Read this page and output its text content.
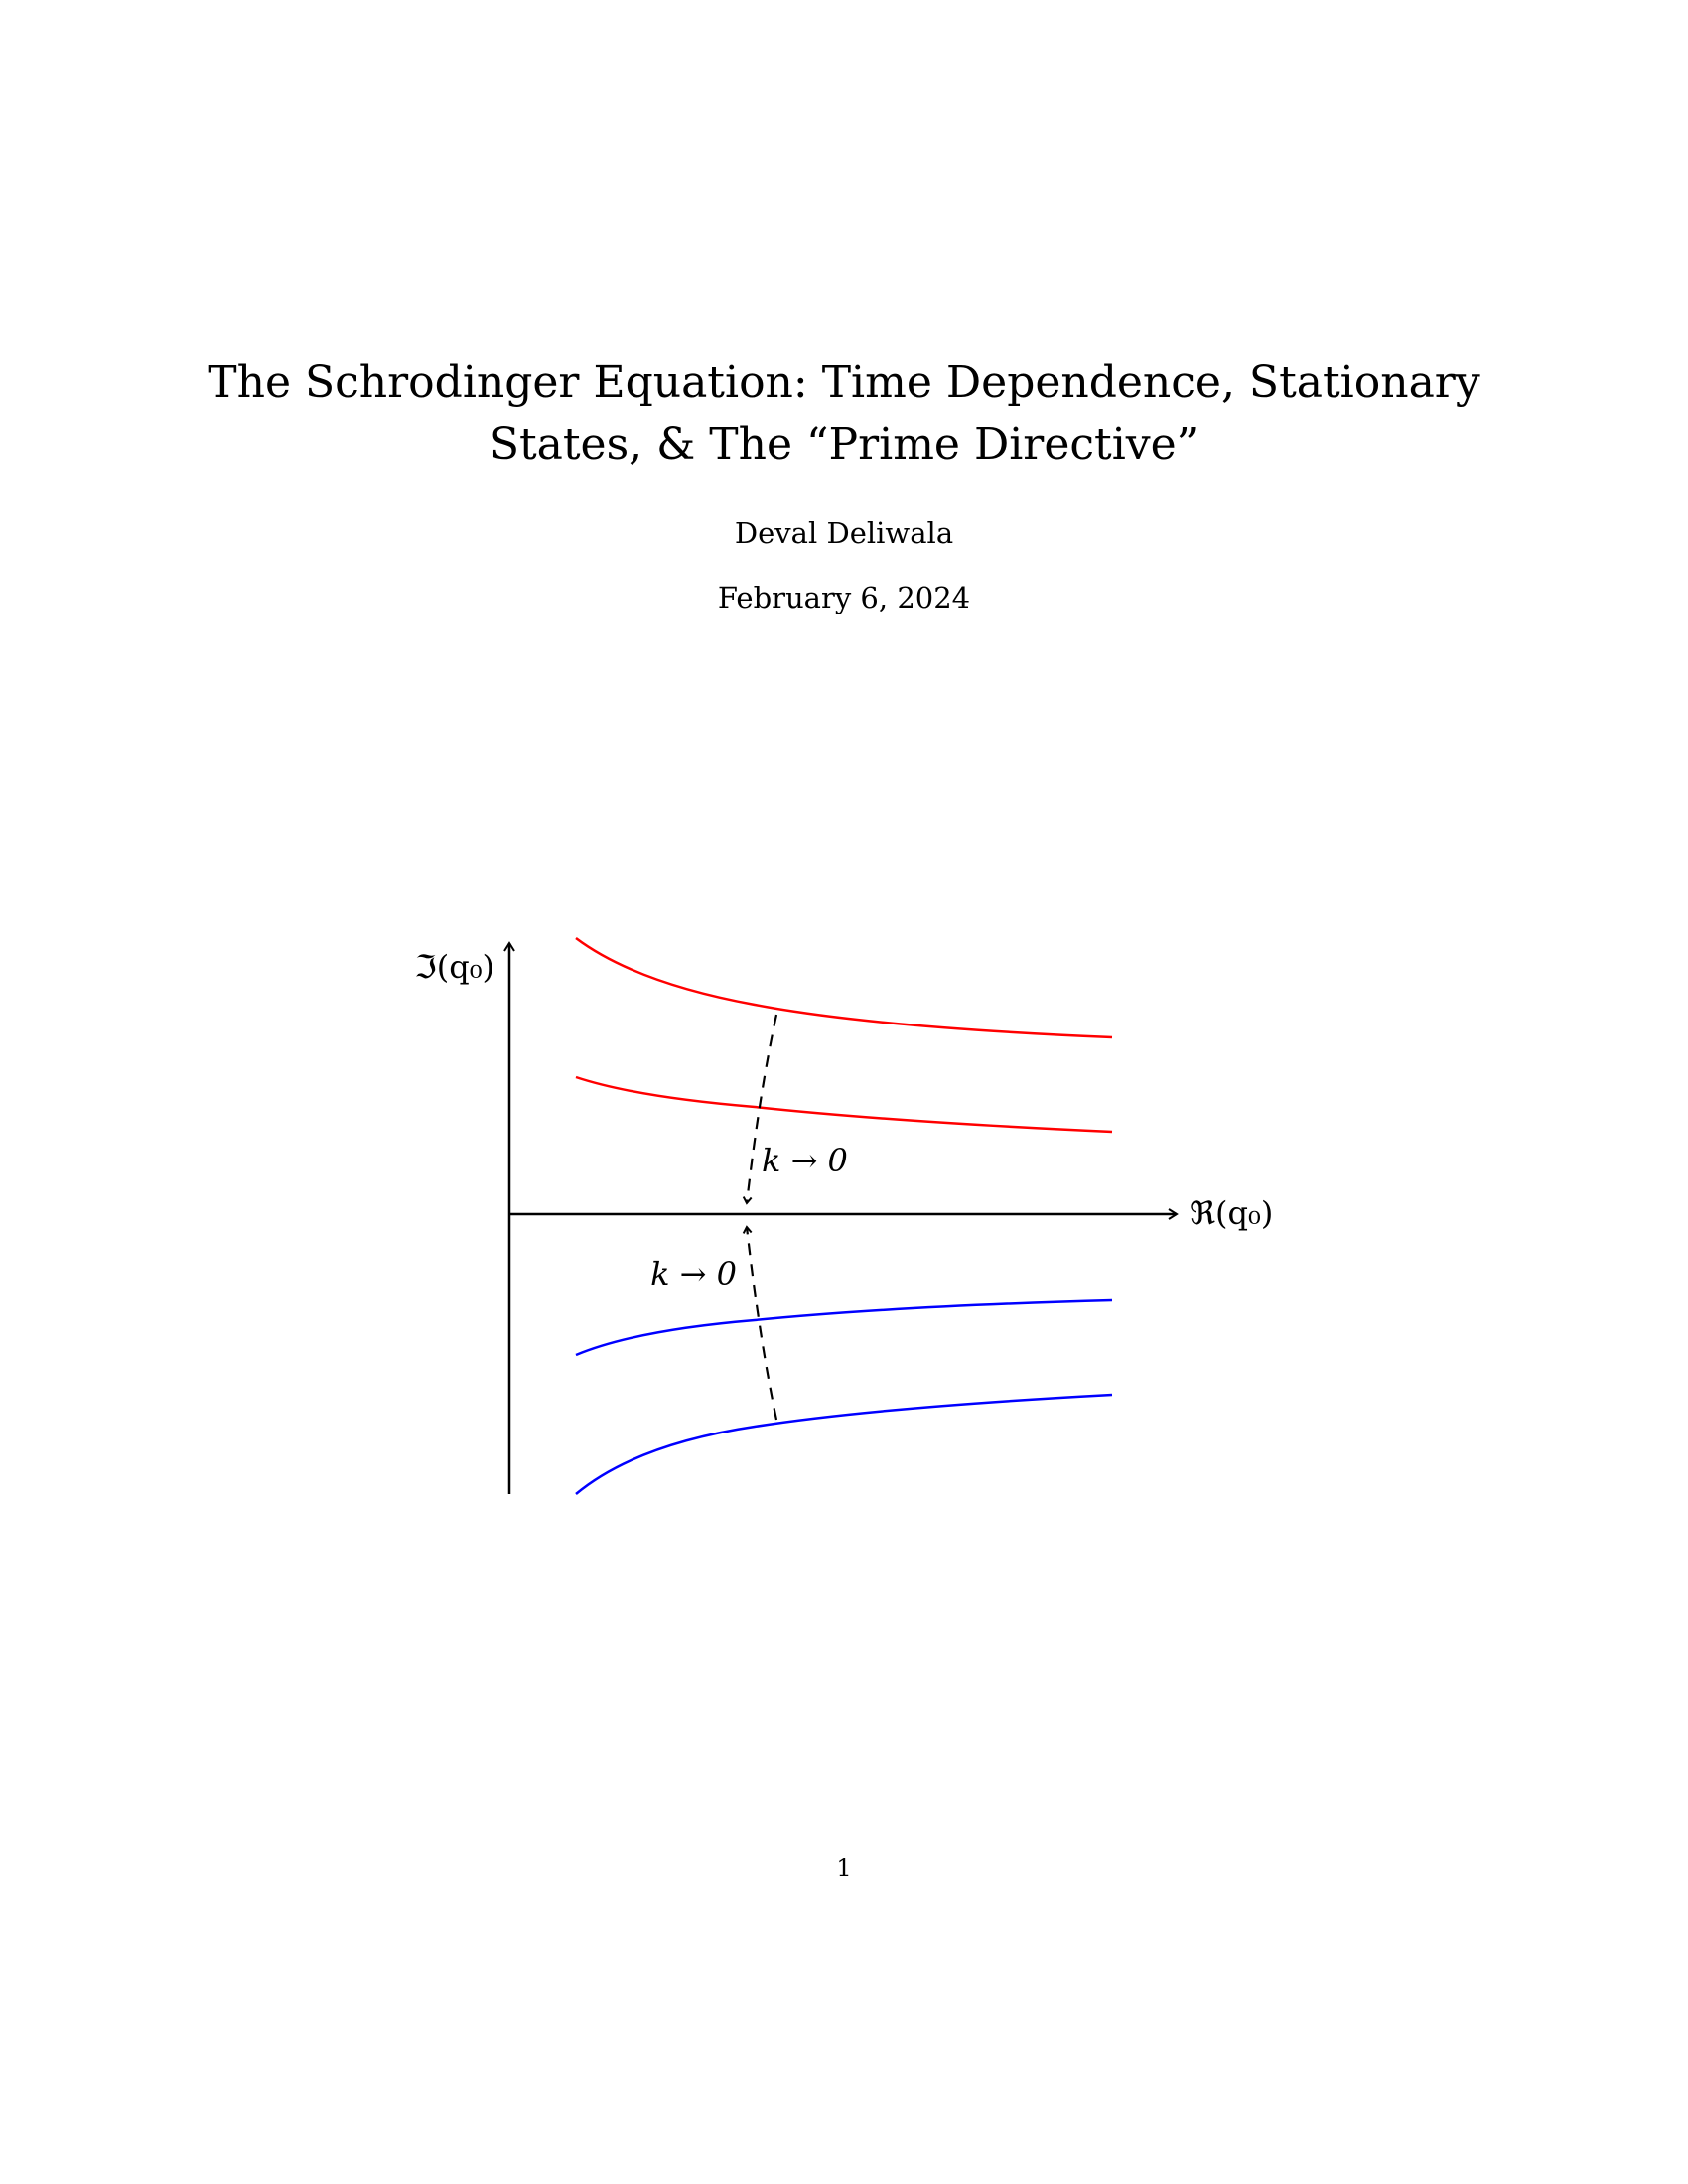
The Schrodinger Equation: Time Dependence, Stationary
States, & The “Prime Directive”
Deval Deliwala
February 6, 2024
ℑ(q₀)
ℜ(q₀)
k → 0
k → 0
1
